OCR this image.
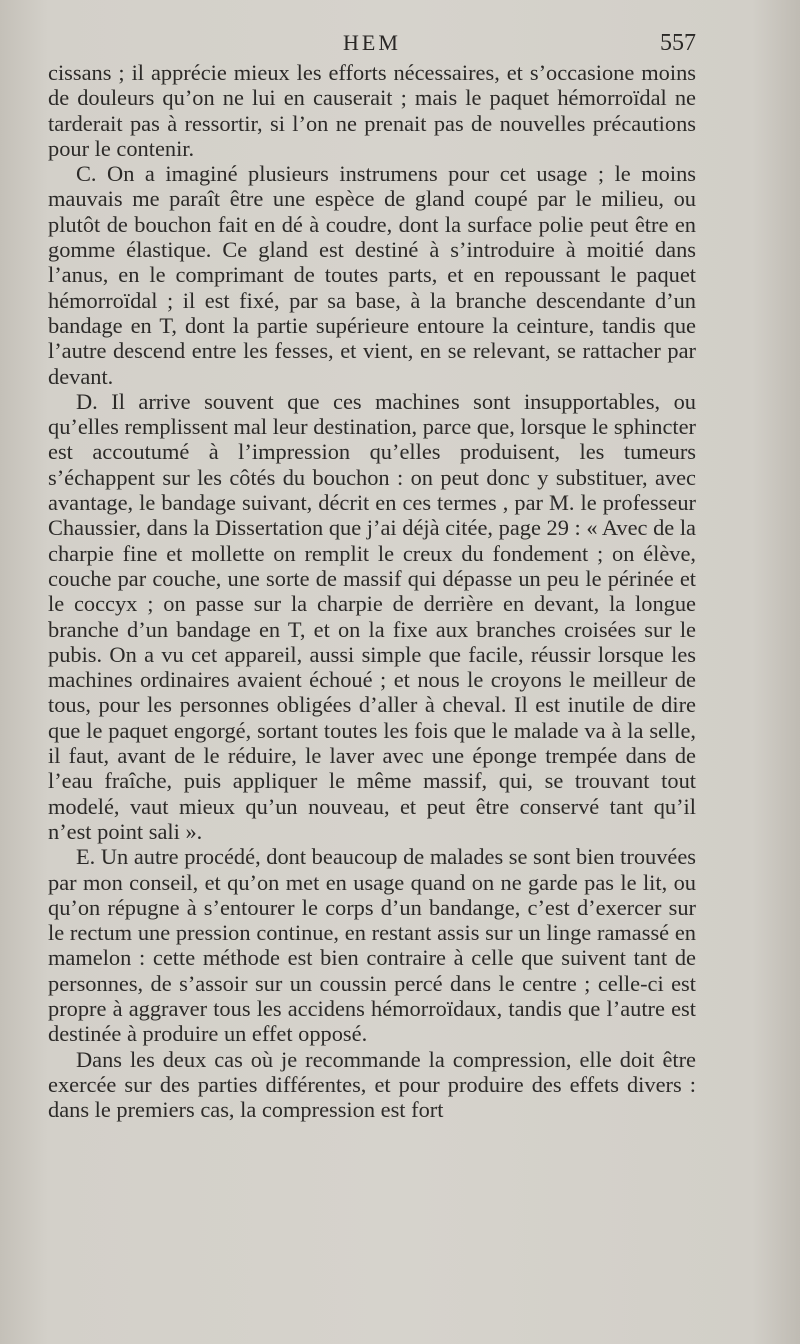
HEM	557

cissans ; il apprécie mieux les efforts nécessaires, et s’occasione moins de douleurs qu’on ne lui en causerait ; mais le paquet hémorroïdal ne tarderait pas à ressortir, si l’on ne prenait pas de nouvelles précautions pour le contenir.

C. On a imaginé plusieurs instrumens pour cet usage ; le moins mauvais me paraît être une espèce de gland coupé par le milieu, ou plutôt de bouchon fait en dé à coudre, dont la surface polie peut être en gomme élastique. Ce gland est destiné à s’introduire à moitié dans l’anus, en le comprimant de toutes parts, et en repoussant le paquet hémorroïdal ; il est fixé, par sa base, à la branche descendante d’un bandage en T, dont la partie supérieure entoure la ceinture, tandis que l’autre descend entre les fesses, et vient, en se relevant, se rattacher par devant.

D. Il arrive souvent que ces machines sont insupportables, ou qu’elles remplissent mal leur destination, parce que, lorsque le sphincter est accoutumé à l’impression qu’elles produisent, les tumeurs s’échappent sur les côtés du bouchon : on peut donc y substituer, avec avantage, le bandage suivant, décrit en ces termes , par M. le professeur Chaussier, dans la Dissertation que j’ai déjà citée, page 29 : « Avec de la charpie fine et mollette on remplit le creux du fondement ; on élève, couche par couche, une sorte de massif qui dépasse un peu le périnée et le coccyx ; on passe sur la charpie de derrière en devant, la longue branche d’un bandage en T, et on la fixe aux branches croisées sur le pubis. On a vu cet appareil, aussi simple que facile, réussir lorsque les machines ordinaires avaient échoué ; et nous le croyons le meilleur de tous, pour les personnes obligées d’aller à cheval. Il est inutile de dire que le paquet engorgé, sortant toutes les fois que le malade va à la selle, il faut, avant de le réduire, le laver avec une éponge trempée dans de l’eau fraîche, puis appliquer le même massif, qui, se trouvant tout modelé, vaut mieux qu’un nouveau, et peut être conservé tant qu’il n’est point sali ».

E. Un autre procédé, dont beaucoup de malades se sont bien trouvées par mon conseil, et qu’on met en usage quand on ne garde pas le lit, ou qu’on répugne à s’entourer le corps d’un bandange, c’est d’exercer sur le rectum une pression continue, en restant assis sur un linge ramassé en mamelon : cette méthode est bien contraire à celle que suivent tant de personnes, de s’assoir sur un coussin percé dans le centre ; celle-ci est propre à aggraver tous les accidens hémorroïdaux, tandis que l’autre est destinée à produire un effet opposé.

Dans les deux cas où je recommande la compression, elle doit être exercée sur des parties différentes, et pour produire des effets divers : dans le premiers cas, la compression est fort
